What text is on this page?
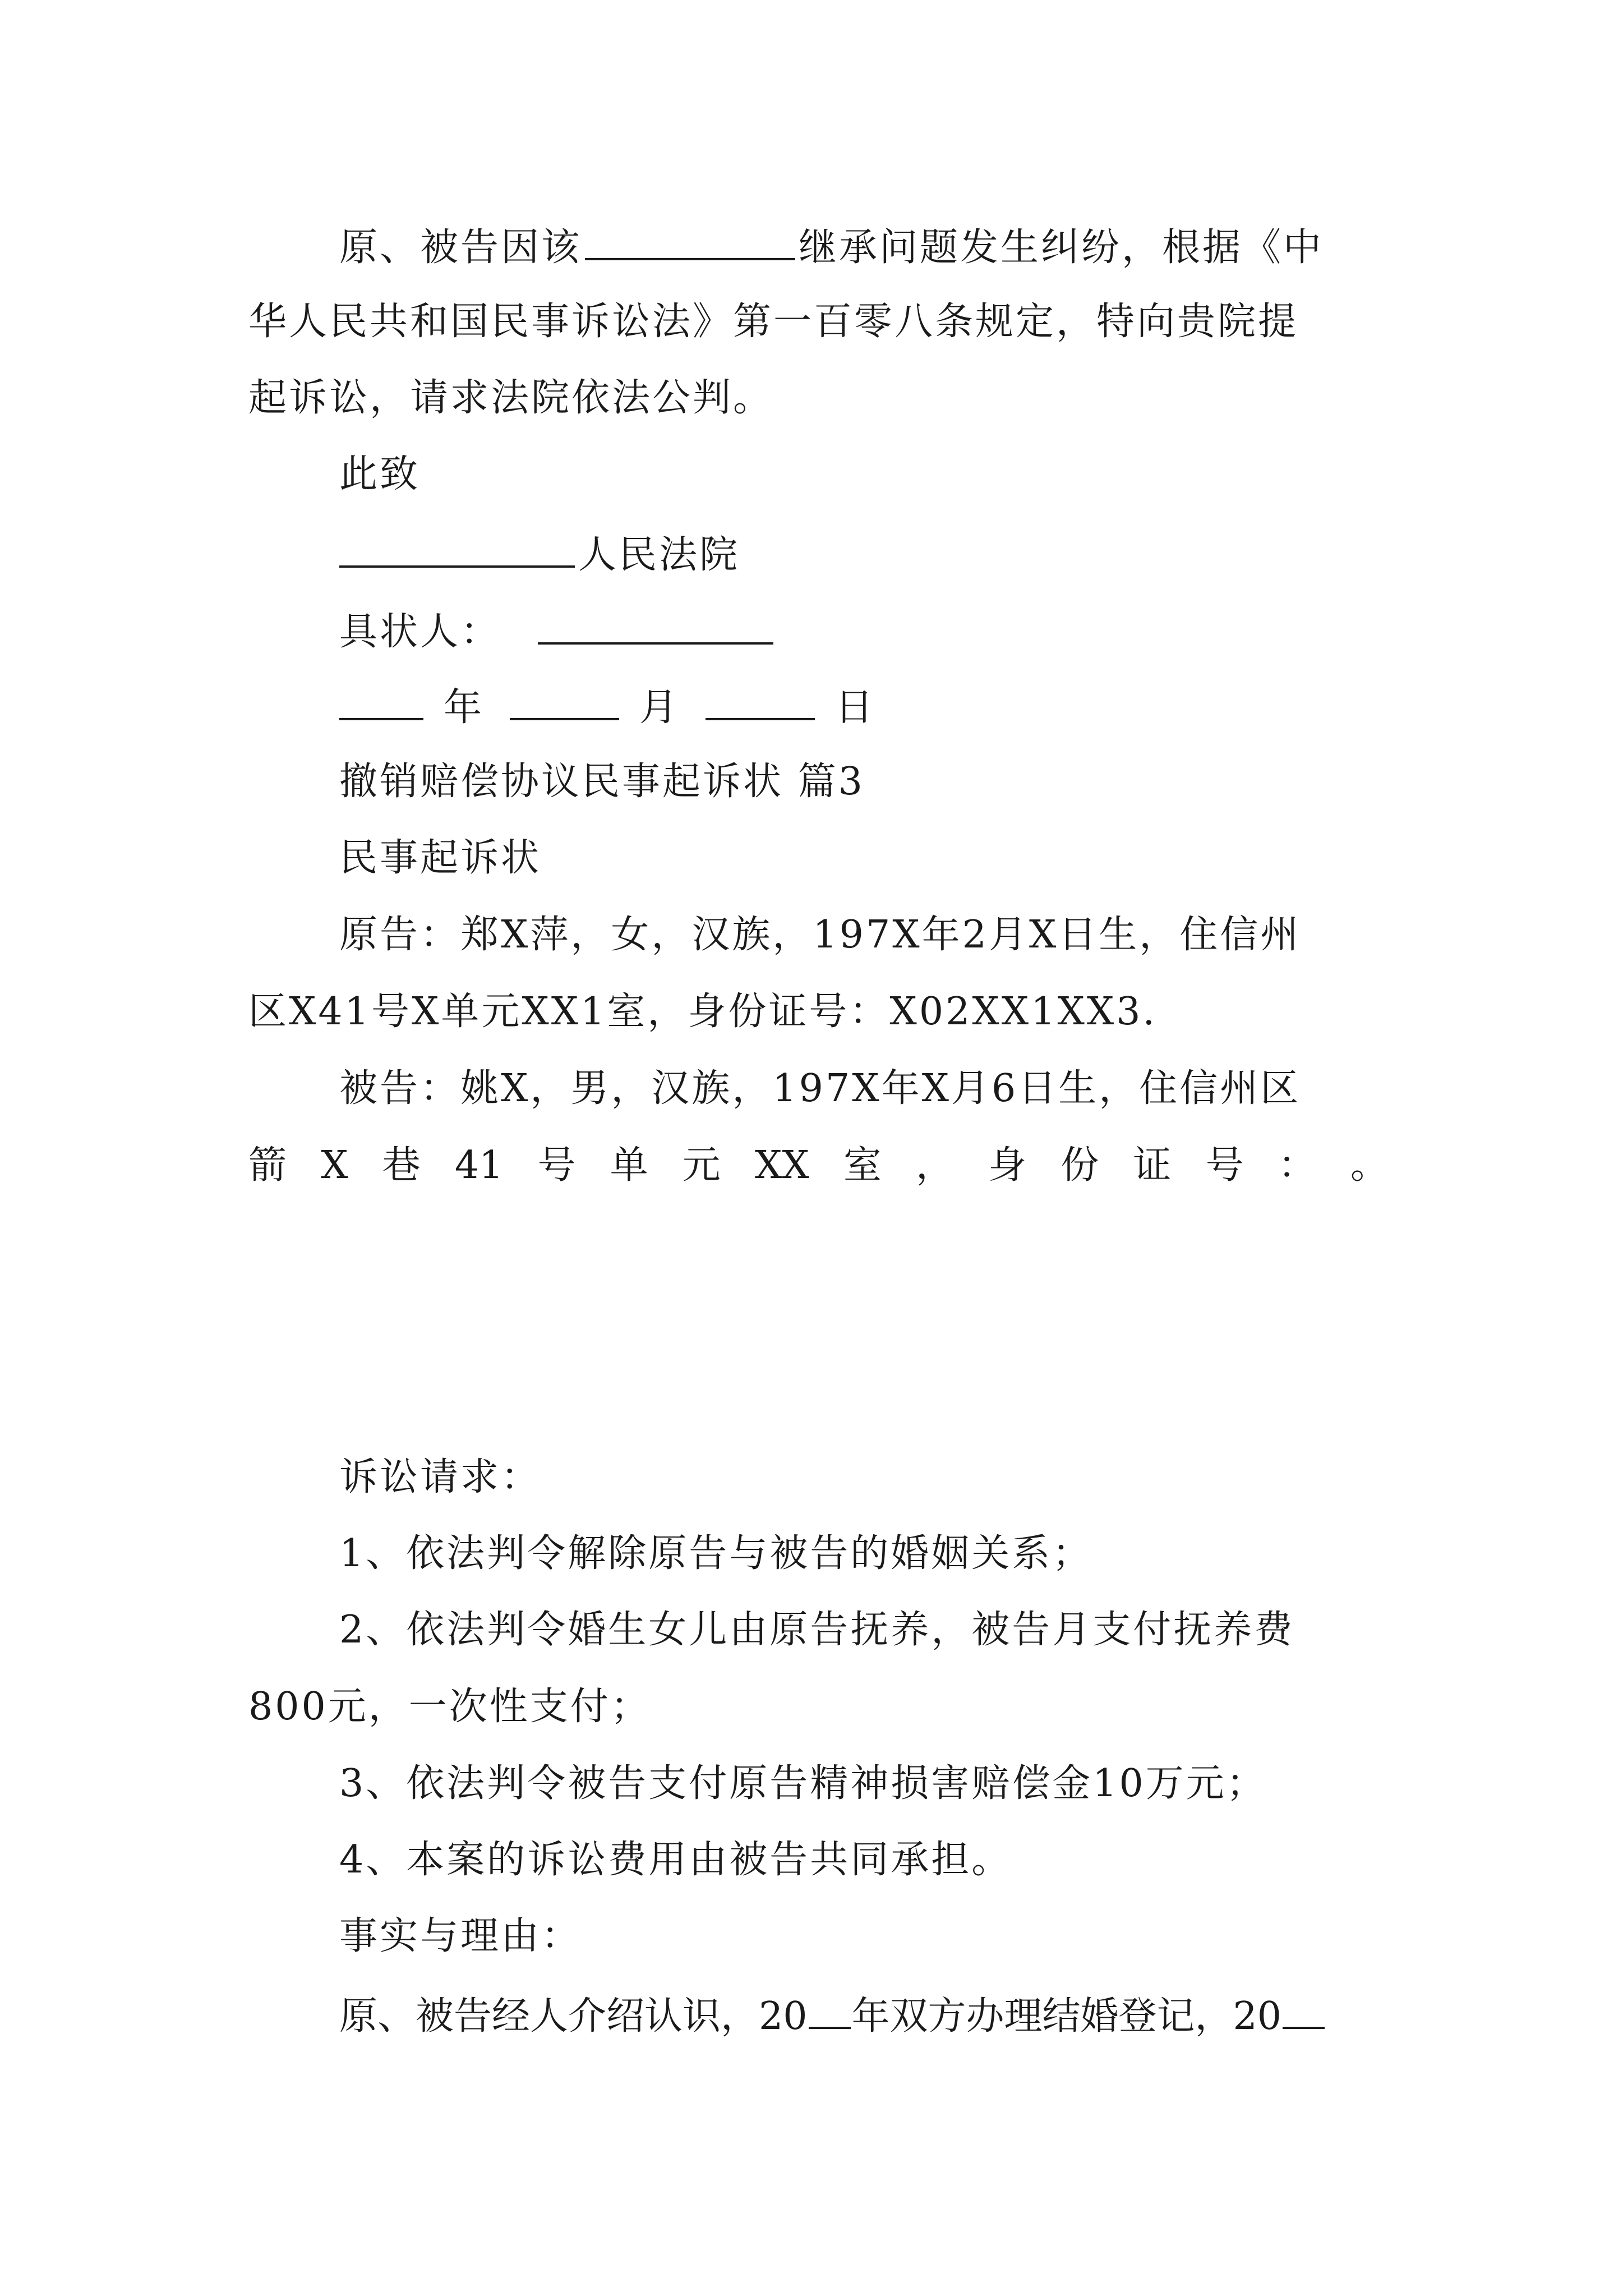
原、被告因该	继承问题发生纠纷，根据《中
华人民共和国民事诉讼法》第一百零八条规定，特向贵院提
起诉讼，请求法院依法公判。
此致
人民法院
具状人：
年	月	日
撤销赔偿协议民事起诉状 篇3
民事起诉状
原告：郑X萍，女，汉族，197X年2月X日生，住信州
区X41号X单元XX1室，身份证号：X02XX1XX3.
被告：姚X，男，汉族，197X年X月6日生，住信州区
箭 X 巷 41 号 单 元 XX 室 ， 身 份 证 号 ： 。
诉讼请求：
1、依法判令解除原告与被告的婚姻关系；
2、依法判令婚生女儿由原告抚养，被告月支付抚养费
800元，一次性支付；
3、依法判令被告支付原告精神损害赔偿金10万元；
4、本案的诉讼费用由被告共同承担。
事实与理由：
原、被告经人介绍认识，20 年双方办理结婚登记，20
